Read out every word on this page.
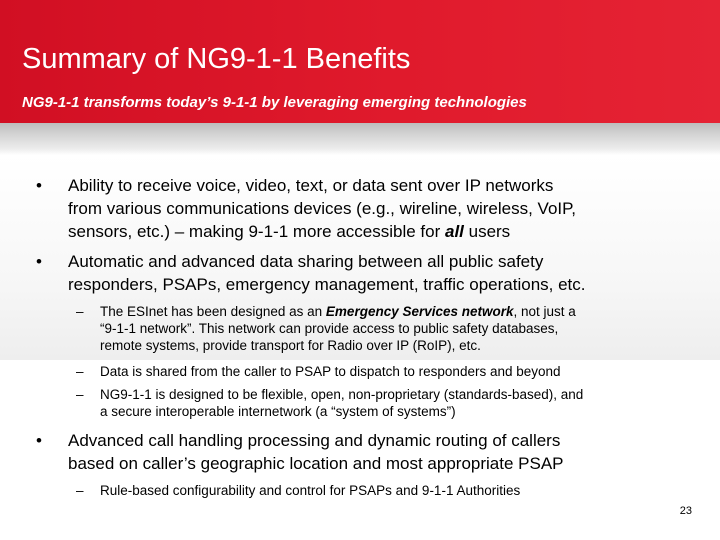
Summary of NG9-1-1 Benefits
NG9-1-1 transforms today’s 9-1-1 by leveraging emerging technologies
•	Ability to receive voice, video, text, or data sent over IP networks
from various communications devices (e.g., wireline, wireless, VoIP,
sensors, etc.) – making 9-1-1 more accessible for all users
•	Automatic and advanced data sharing between all public safety
responders, PSAPs, emergency management, traffic operations, etc.
– The ESInet has been designed as an Emergency Services network, not just a
“9-1-1 network”. This network can provide access to public safety databases,
remote systems, provide transport for Radio over IP (RoIP), etc.
– Data is shared from the caller to PSAP to dispatch to responders and beyond
– NG9-1-1 is designed to be flexible, open, non-proprietary (standards-based), and
a secure interoperable internetwork (a “system of systems”)
•	Advanced call handling processing and dynamic routing of callers
based on caller’s geographic location and most appropriate PSAP
– Rule-based configurability and control for PSAPs and 9-1-1 Authorities
23
